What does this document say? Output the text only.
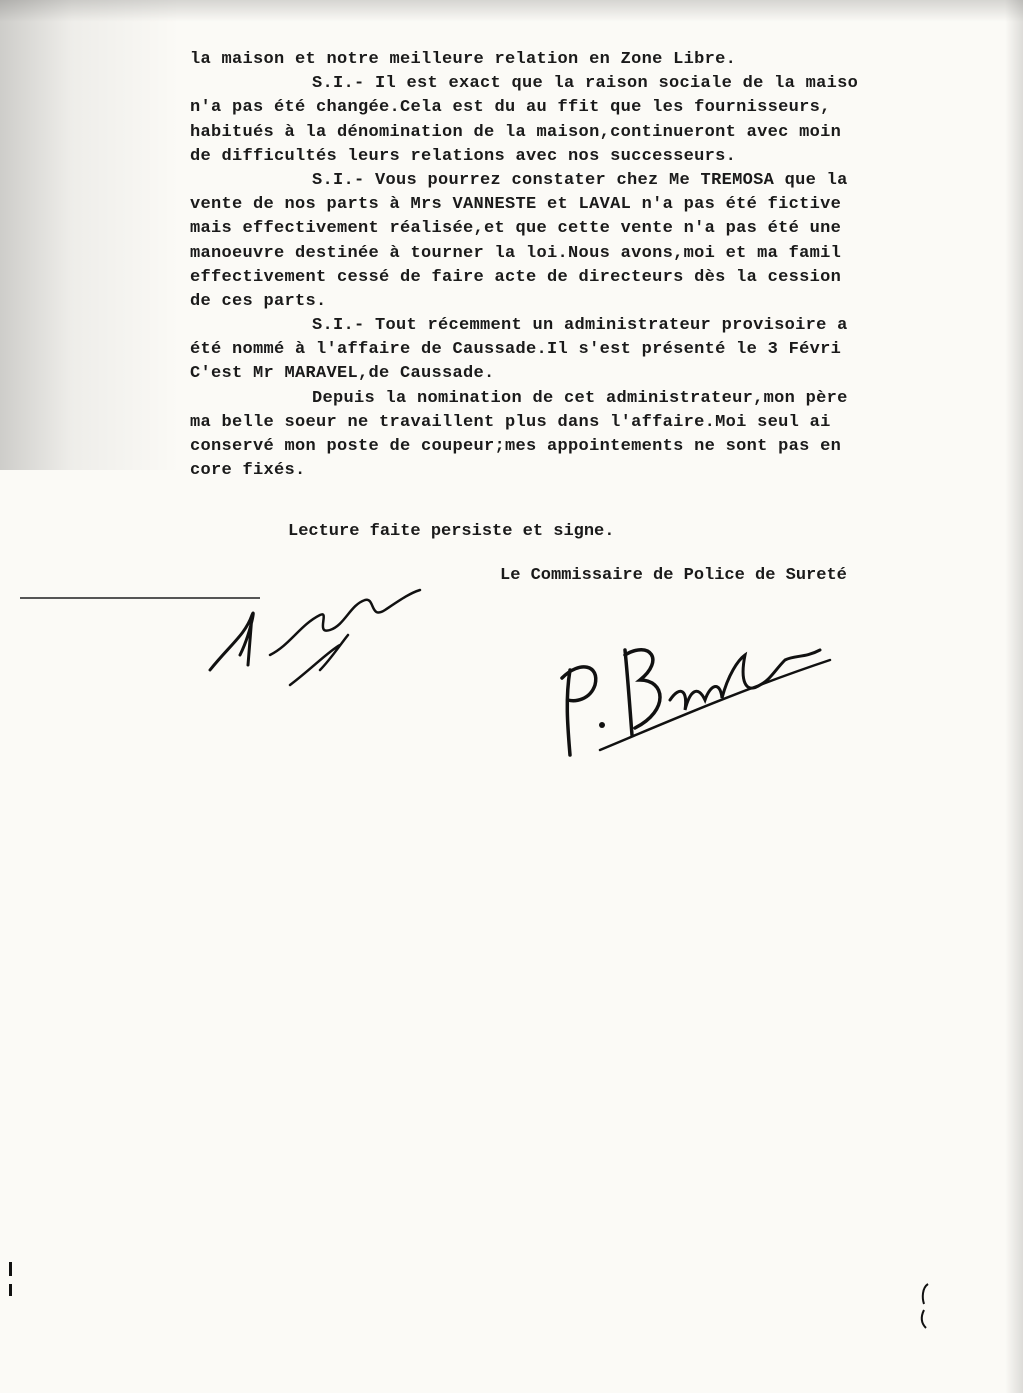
la maison et notre meilleure relation en Zone Libre.
S.I.- Il est exact que la raison sociale de la maiso
n'a pas été changée.Cela est du au ffit que les fournisseurs,
habitués à la dénomination de la maison,continueront avec moin
de difficultés leurs relations avec nos successeurs.
S.I.- Vous pourrez constater chez Me TREMOSA que la
vente de nos parts à Mrs VANNESTE et LAVAL n'a pas été fictive
mais effectivement réalisée,et que cette vente n'a pas été une
manoeuvre destinée à tourner la loi.Nous avons,moi et ma famil
effectivement cessé de faire acte de directeurs dès la cession
de ces parts.
S.I.- Tout récemment un administrateur provisoire a
été nommé à l'affaire de Caussade.Il s'est présenté le 3 Févri
C'est Mr MARAVEL,de Caussade.
Depuis la nomination de cet administrateur,mon père
ma belle soeur ne travaillent plus dans l'affaire.Moi seul ai
conservé mon poste de coupeur;mes appointements ne sont pas en
core fixés.
Lecture faite persiste et signe.
Le Commissaire de Police de Sureté
